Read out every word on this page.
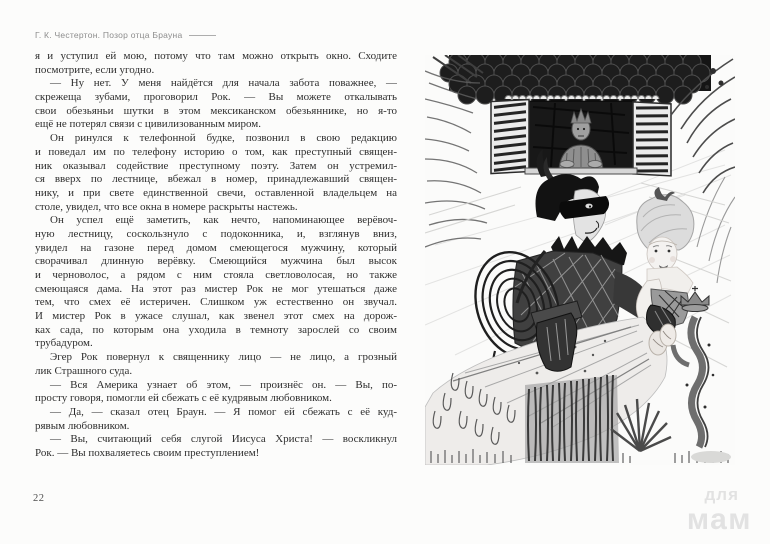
Г. К. Честертон. Позор отца Брауна
я и уступил ей мою, потому что там можно открыть окно. Сходите
посмотрите, если угодно.
— Ну нет. У меня найдётся для начала забота поважнее, —
скрежеща зубами, проговорил Рок. — Вы можете откалывать
свои обезьяньи шутки в этом мексиканском обезьяннике, но я-то
ещё не потерял связи с цивилизованным миром.
Он ринулся к телефонной будке, позвонил в свою редакцию
и поведал им по телефону историю о том, как преступный священ-
ник оказывал содействие преступному поэту. Затем он устремил-
ся вверх по лестнице, вбежал в номер, принадлежавший священ-
нику, и при свете единственной свечи, оставленной владельцем на
столе, увидел, что все окна в номере раскрыты настежь.
Он успел ещё заметить, как нечто, напоминающее верёвоч-
ную лестницу, соскользнуло с подоконника, и, взглянув вниз,
увидел на газоне перед домом смеющегося мужчину, который
сворачивал длинную верёвку. Смеющийся мужчина был высок
и черноволос, а рядом с ним стояла светловолосая, но также
смеющаяся дама. На этот раз мистер Рок не мог утешаться даже
тем, что смех её истеричен. Слишком уж естественно он звучал.
И мистер Рок в ужасе слушал, как звенел этот смех на дорож-
ках сада, по которым она уходила в темноту зарослей со своим
трубадуром.
Эгер Рок повернул к священнику лицо — не лицо, а грозный
лик Страшного суда.
— Вся Америка узнает об этом, — произнёс он. — Вы, по-
просту говоря, помогли ей сбежать с её кудрявым любовником.
— Да, — сказал отец Браун. — Я помог ей сбежать с её куд-
рявым любовником.
— Вы, считающий себя слугой Иисуса Христа! — воскликнул
Рок. — Вы похваляетесь своим преступлением!
22	для
мам
